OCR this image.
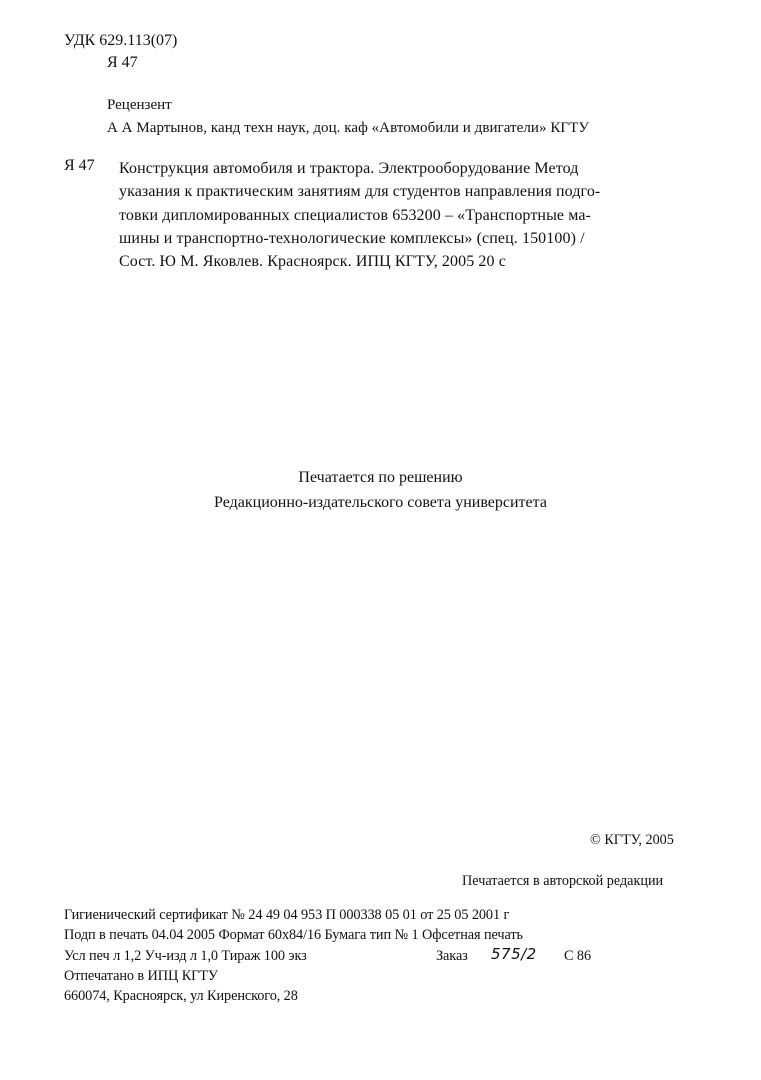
УДК 629.113(07)
Я 47
Рецензент
А А Мартынов, канд техн наук, доц. каф «Автомобили и двигатели» КГТУ
Я 47 Конструкция автомобиля и трактора. Электрооборудование Метод
указания к практическим занятиям для студентов направления подго-
товки дипломированных специалистов 653200 – «Транспортные ма-
шины и транспортно-технологические комплексы» (спец. 150100) /
Сост. Ю М. Яковлев. Красноярск. ИПЦ КГТУ, 2005 20 с
Печатается по решению
Редакционно-издательского совета университета
© КГТУ, 2005
Печатается в авторской редакции
Гигиенический сертификат № 24 49 04 953 П 000338 05 01 от 25 05 2001 г
Подп в печать 04.04 2005 Формат 60х84/16 Бумага тип № 1 Офсетная печать
Усл печ л 1,2 Уч-изд л 1,0 Тираж 100 экз	Заказ 575/2 С 86
Отпечатано в ИПЦ КГТУ
660074, Красноярск, ул Киренского, 28
